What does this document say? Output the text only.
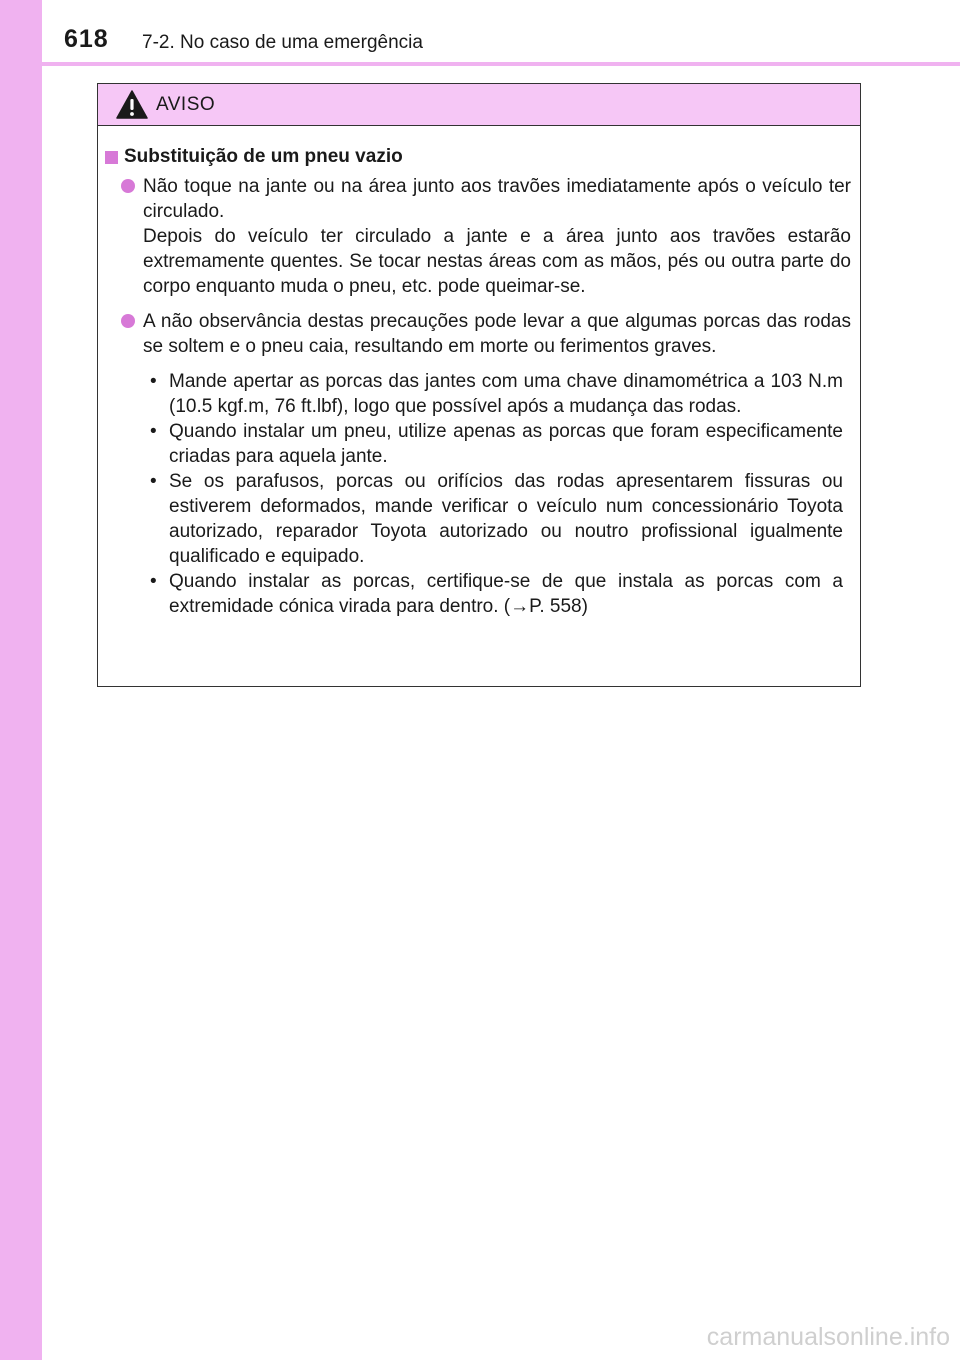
618 7-2. No caso de uma emergência
AVISO
Substituição de um pneu vazio

Não toque na jante ou na área junto aos travões imediatamente após o veículo ter circulado.

Depois do veículo ter circulado a jante e a área junto aos travões estarão extremamente quentes. Se tocar nestas áreas com as mãos, pés ou outra parte do corpo enquanto muda o pneu, etc. pode queimar-se.

A não observância destas precauções pode levar a que algumas porcas das rodas se soltem e o pneu caia, resultando em morte ou ferimentos graves.

• Mande apertar as porcas das jantes com uma chave dinamométrica a 103 N.m (10.5 kgf.m, 76 ft.lbf), logo que possível após a mudança das rodas.
• Quando instalar um pneu, utilize apenas as porcas que foram especificamente criadas para aquela jante.
• Se os parafusos, porcas ou orifícios das rodas apresentarem fissuras ou estiverem deformados, mande verificar o veículo num concessionário Toyota autorizado, reparador Toyota autorizado ou noutro profissional igualmente qualificado e equipado.
• Quando instalar as porcas, certifique-se de que instala as porcas com a extremidade cónica virada para dentro. (→P. 558)
carmanualsonline.info
